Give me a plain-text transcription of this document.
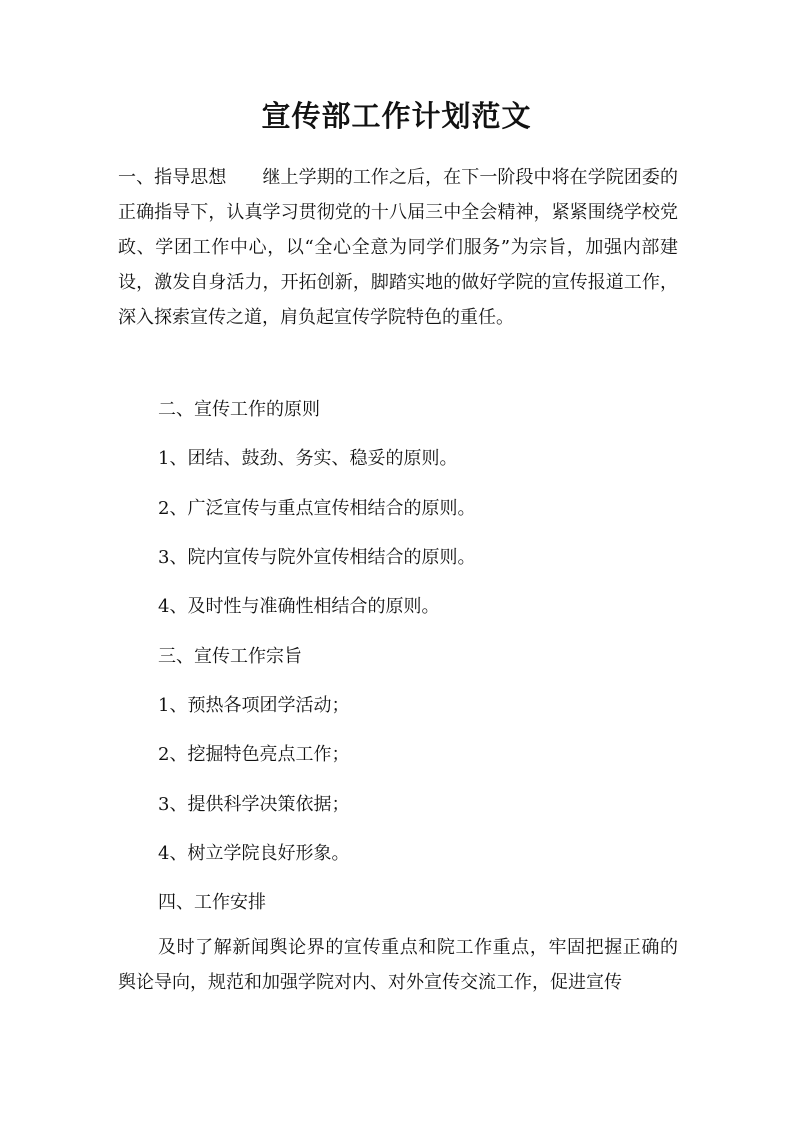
宣传部工作计划范文
一、指导思想 继上学期的工作之后，在下一阶段中将在学院团委的正确指导下，认真学习贯彻党的十八届三中全会精神，紧紧围绕学校党政、学团工作中心，以“全心全意为同学们服务”为宗旨，加强内部建设，激发自身活力，开拓创新，脚踏实地的做好学院的宣传报道工作，深入探索宣传之道，肩负起宣传学院特色的重任。
二、宣传工作的原则
1、团结、鼓劲、务实、稳妥的原则。
2、广泛宣传与重点宣传相结合的原则。
3、院内宣传与院外宣传相结合的原则。
4、及时性与准确性相结合的原则。
三、宣传工作宗旨
1、预热各项团学活动；
2、挖掘特色亮点工作；
3、提供科学决策依据；
4、树立学院良好形象。
四、工作安排
及时了解新闻舆论界的宣传重点和院工作重点，牢固把握正确的舆论导向，规范和加强学院对内、对外宣传交流工作，促进宣传
